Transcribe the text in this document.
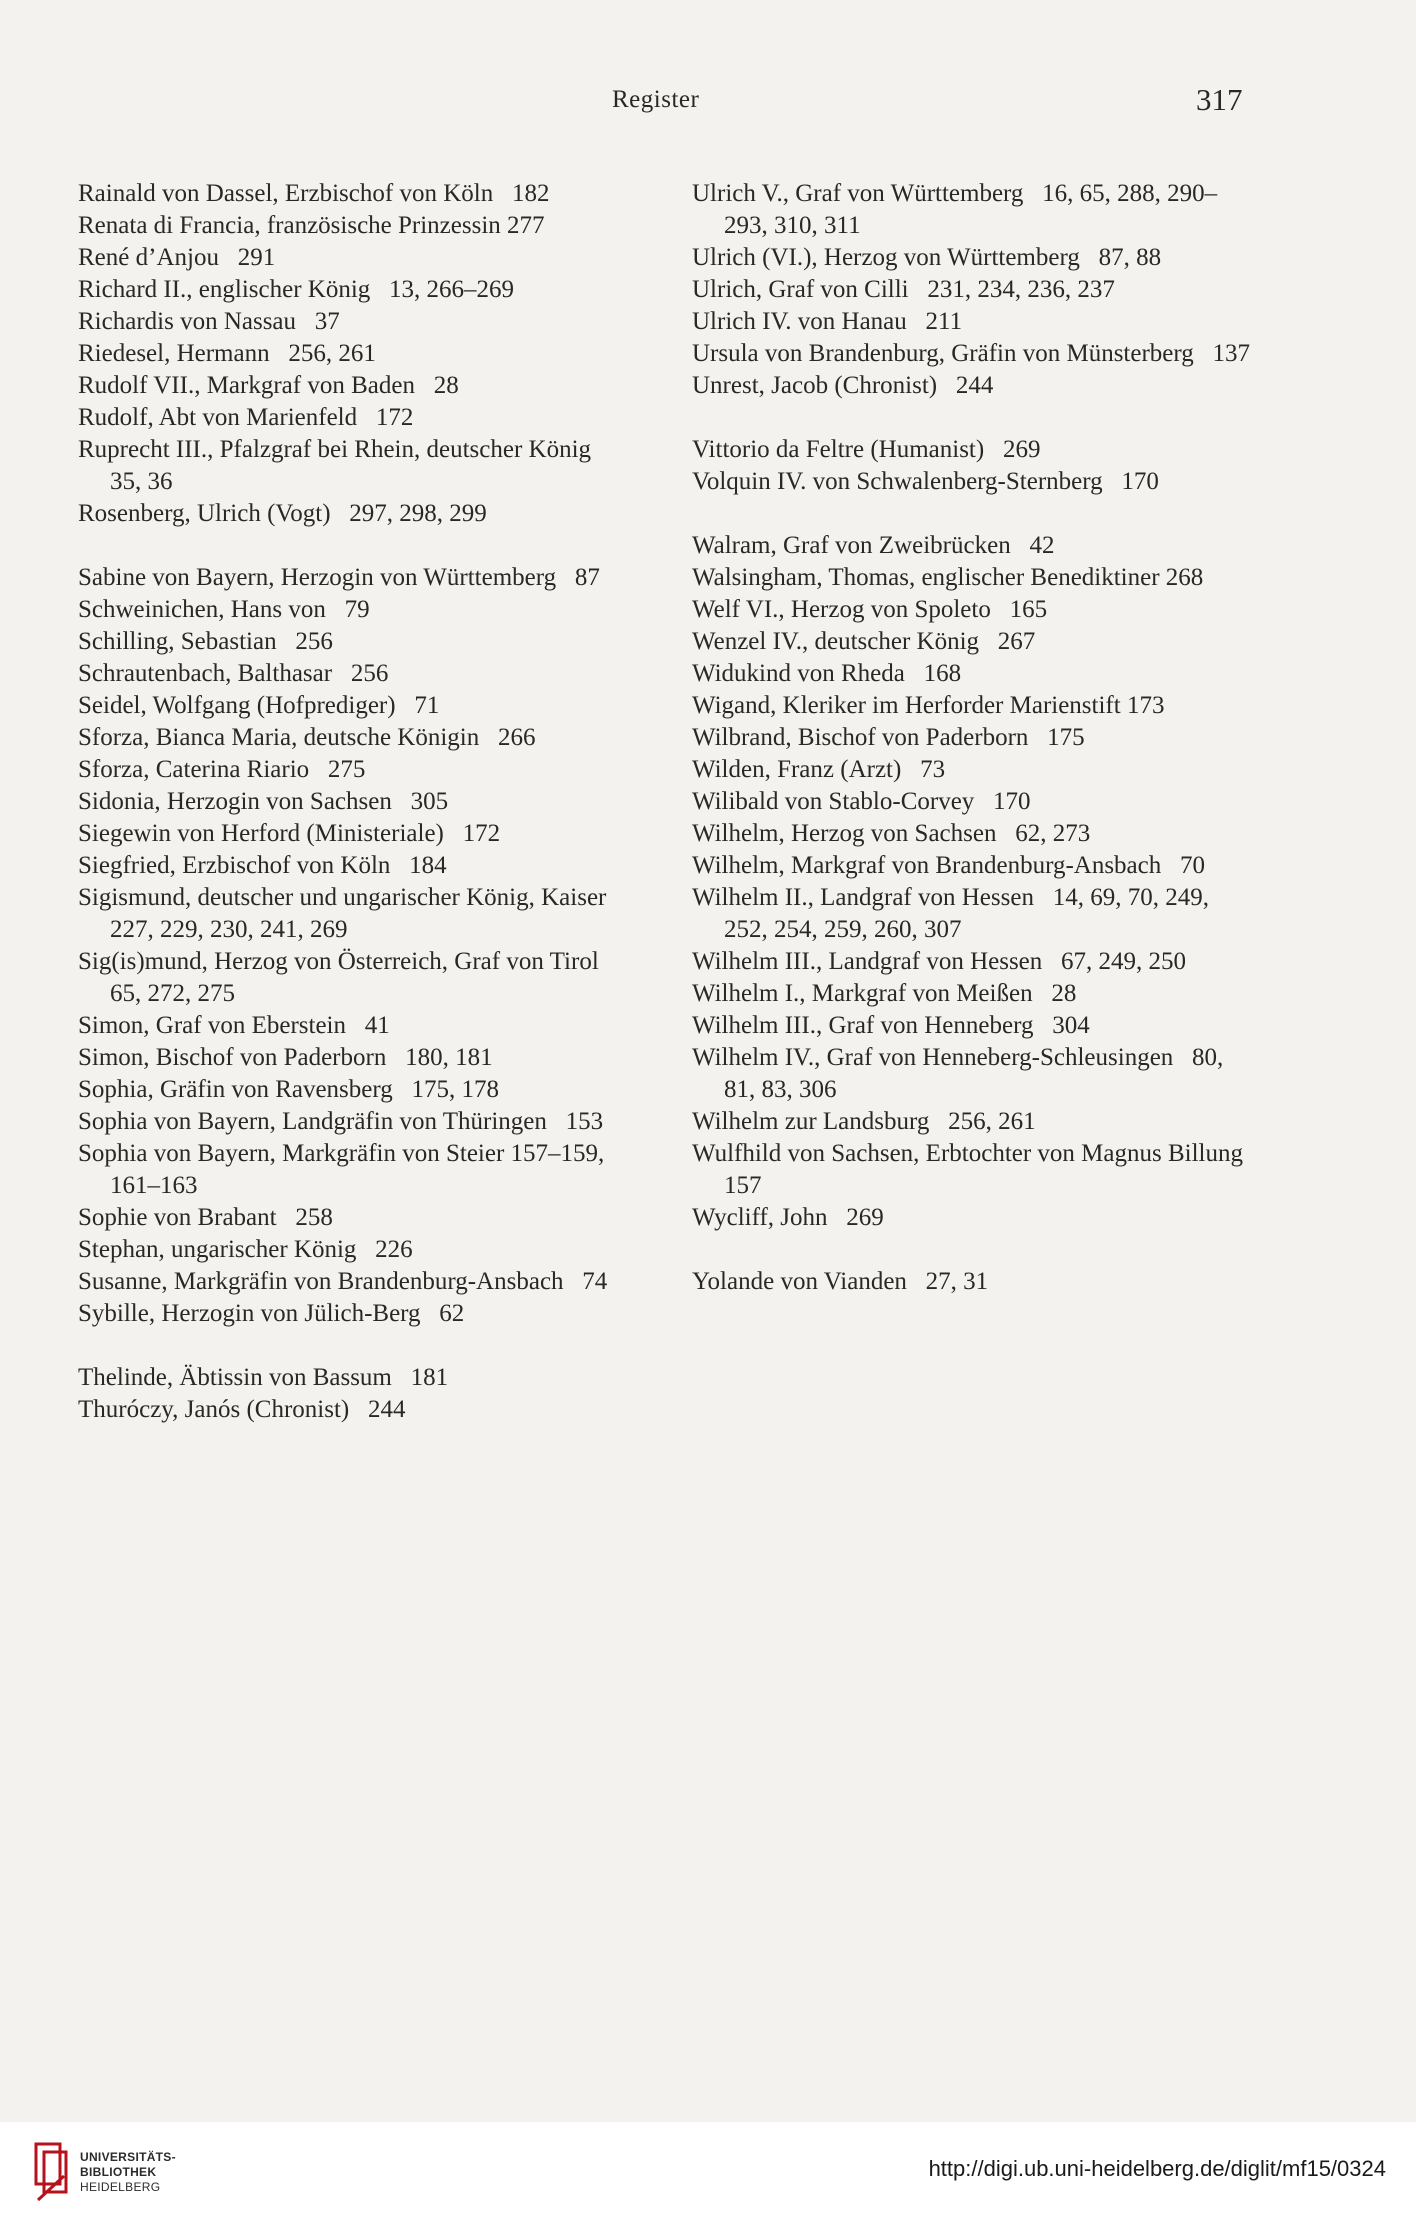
Register	317
Rainald von Dassel, Erzbischof von Köln   182
Renata di Francia, französische Prinzessin 277
René d’Anjou   291
Richard II., englischer König   13, 266–269
Richardis von Nassau   37
Riedesel, Hermann   256, 261
Rudolf VII., Markgraf von Baden   28
Rudolf, Abt von Marienfeld   172
Ruprecht III., Pfalzgraf bei Rhein, deutscher König   35, 36
Rosenberg, Ulrich (Vogt)   297, 298, 299
Sabine von Bayern, Herzogin von Württemberg   87
Schweinichen, Hans von   79
Schilling, Sebastian   256
Schrautenbach, Balthasar   256
Seidel, Wolfgang (Hofprediger)   71
Sforza, Bianca Maria, deutsche Königin   266
Sforza, Caterina Riario   275
Sidonia, Herzogin von Sachsen   305
Siegewin von Herford (Ministeriale)   172
Siegfried, Erzbischof von Köln   184
Sigismund, deutscher und ungarischer König, Kaiser   227, 229, 230, 241, 269
Sig(is)mund, Herzog von Österreich, Graf von Tirol   65, 272, 275
Simon, Graf von Eberstein   41
Simon, Bischof von Paderborn   180, 181
Sophia, Gräfin von Ravensberg   175, 178
Sophia von Bayern, Landgräfin von Thüringen   153
Sophia von Bayern, Markgräfin von Steier 157–159, 161–163
Sophie von Brabant   258
Stephan, ungarischer König   226
Susanne, Markgräfin von Brandenburg-Ansbach   74
Sybille, Herzogin von Jülich-Berg   62
Thelinde, Äbtissin von Bassum   181
Thuróczy, Janós (Chronist)   244
Ulrich V., Graf von Württemberg   16, 65, 288, 290–293, 310, 311
Ulrich (VI.), Herzog von Württemberg   87, 88
Ulrich, Graf von Cilli   231, 234, 236, 237
Ulrich IV. von Hanau   211
Ursula von Brandenburg, Gräfin von Münsterberg   137
Unrest, Jacob (Chronist)   244
Vittorio da Feltre (Humanist)   269
Volquin IV. von Schwalenberg-Sternberg   170
Walram, Graf von Zweibrücken   42
Walsingham, Thomas, englischer Benediktiner 268
Welf VI., Herzog von Spoleto   165
Wenzel IV., deutscher König   267
Widukind von Rheda   168
Wigand, Kleriker im Herforder Marienstift 173
Wilbrand, Bischof von Paderborn   175
Wilden, Franz (Arzt)   73
Wilibald von Stablo-Corvey   170
Wilhelm, Herzog von Sachsen   62, 273
Wilhelm, Markgraf von Brandenburg-Ansbach   70
Wilhelm II., Landgraf von Hessen   14, 69, 70, 249, 252, 254, 259, 260, 307
Wilhelm III., Landgraf von Hessen   67, 249, 250
Wilhelm I., Markgraf von Meißen   28
Wilhelm III., Graf von Henneberg   304
Wilhelm IV., Graf von Henneberg-Schleusingen   80, 81, 83, 306
Wilhelm zur Landsburg   256, 261
Wulfhild von Sachsen, Erbtochter von Magnus Billung   157
Wycliff, John   269
Yolande von Vianden   27, 31
UNIVERSITÄTS-
BIBLIOTHEK
HEIDELBERG
http://digi.ub.uni-heidelberg.de/diglit/mf15/0324
